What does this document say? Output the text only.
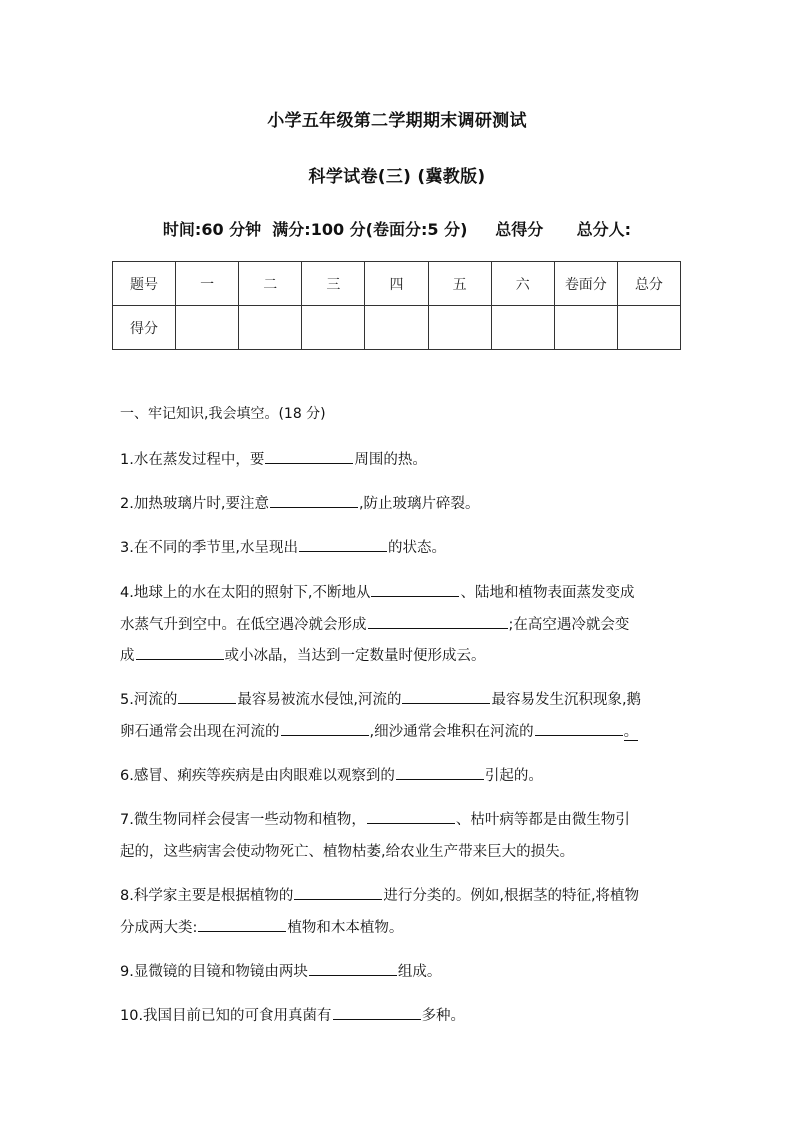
小学五年级第二学期期末调研测试
科学试卷(三) (冀教版)
时间:60 分钟  满分:100 分(卷面分:5 分)     总得分      总分人:
题号	一	二	三	四	五	六	卷面分	总分
得分								
一、牢记知识,我会填空。(18 分)
1.水在蒸发过程中，要	周围的热。
2.加热玻璃片时,要注意	,防止玻璃片碎裂。
3.在不同的季节里,水呈现出	的状态。
4.地球上的水在太阳的照射下,不断地从	、陆地和植物表面蒸发变成
水蒸气升到空中。在低空遇冷就会形成	;在高空遇冷就会变
成	或小冰晶，当达到一定数量时便形成云。
5.河流的	最容易被流水侵蚀,河流的	最容易发生沉积现象,鹅
卵石通常会出现在河流的	,细沙通常会堆积在河流的	。
6.感冒、痢疾等疾病是由肉眼难以观察到的	引起的。
7.微生物同样会侵害一些动物和植物，	、枯叶病等都是由微生物引
起的，这些病害会使动物死亡、植物枯萎,给农业生产带来巨大的损失。
8.科学家主要是根据植物的	进行分类的。例如,根据茎的特征,将植物
分成两大类:	植物和木本植物。
9.显微镜的目镜和物镜由两块	组成。
10.我国目前已知的可食用真菌有	多种。
